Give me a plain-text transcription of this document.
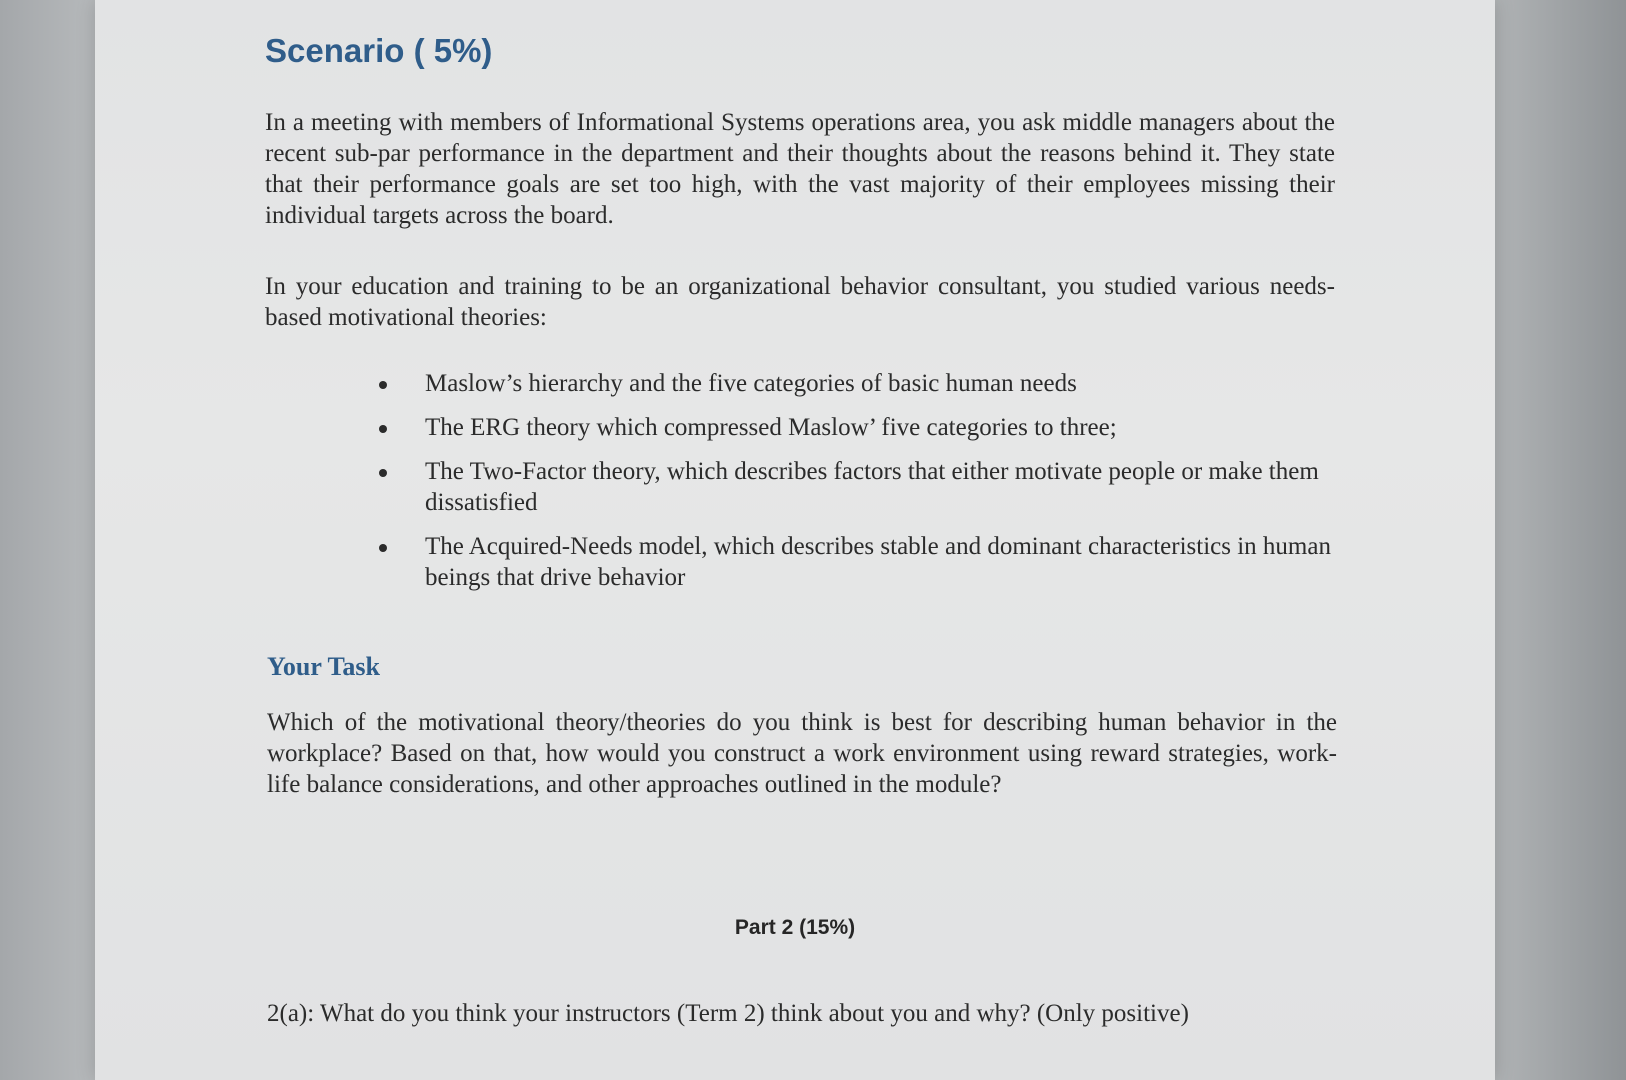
Scenario ( 5%)

In a meeting with members of Informational Systems operations area, you ask middle managers about the recent sub-par performance in the department and their thoughts about the reasons behind it. They state that their performance goals are set too high, with the vast majority of their employees missing their individual targets across the board.

In your education and training to be an organizational behavior consultant, you studied various needs-based motivational theories:

Maslow’s hierarchy and the five categories of basic human needs
The ERG theory which compressed Maslow’ five categories to three;
The Two-Factor theory, which describes factors that either motivate people or make them dissatisfied
The Acquired-Needs model, which describes stable and dominant characteristics in human beings that drive behavior
Your Task

Which of the motivational theory/theories do you think is best for describing human behavior in the workplace? Based on that, how would you construct a work environment using reward strategies, work-life balance considerations, and other approaches outlined in the module?

Part 2 (15%)

2(a): What do you think your instructors (Term 2) think about you and why? (Only positive)
